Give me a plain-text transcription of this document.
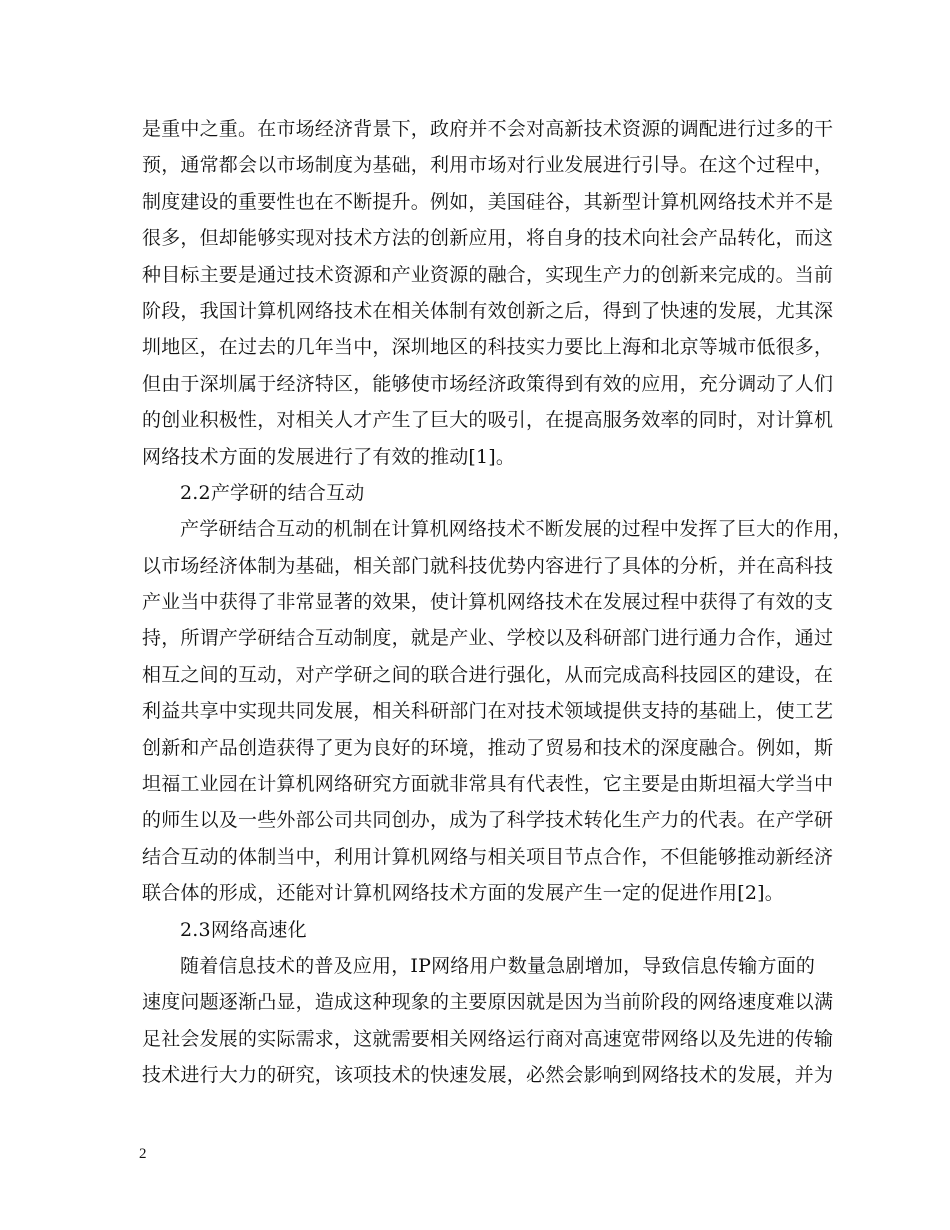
是重中之重。在市场经济背景下，政府并不会对高新技术资源的调配进行过多的干
预，通常都会以市场制度为基础，利用市场对行业发展进行引导。在这个过程中，
制度建设的重要性也在不断提升。例如，美国硅谷，其新型计算机网络技术并不是
很多，但却能够实现对技术方法的创新应用，将自身的技术向社会产品转化，而这
种目标主要是通过技术资源和产业资源的融合，实现生产力的创新来完成的。当前
阶段，我国计算机网络技术在相关体制有效创新之后，得到了快速的发展，尤其深
圳地区，在过去的几年当中，深圳地区的科技实力要比上海和北京等城市低很多，
但由于深圳属于经济特区，能够使市场经济政策得到有效的应用，充分调动了人们
的创业积极性，对相关人才产生了巨大的吸引，在提高服务效率的同时，对计算机
网络技术方面的发展进行了有效的推动[1]。
2.2产学研的结合互动
产学研结合互动的机制在计算机网络技术不断发展的过程中发挥了巨大的作用，
以市场经济体制为基础，相关部门就科技优势内容进行了具体的分析，并在高科技
产业当中获得了非常显著的效果，使计算机网络技术在发展过程中获得了有效的支
持，所谓产学研结合互动制度，就是产业、学校以及科研部门进行通力合作，通过
相互之间的互动，对产学研之间的联合进行强化，从而完成高科技园区的建设，在
利益共享中实现共同发展，相关科研部门在对技术领域提供支持的基础上，使工艺
创新和产品创造获得了更为良好的环境，推动了贸易和技术的深度融合。例如，斯
坦福工业园在计算机网络研究方面就非常具有代表性，它主要是由斯坦福大学当中
的师生以及一些外部公司共同创办，成为了科学技术转化生产力的代表。在产学研
结合互动的体制当中，利用计算机网络与相关项目节点合作，不但能够推动新经济
联合体的形成，还能对计算机网络技术方面的发展产生一定的促进作用[2]。
2.3网络高速化
随着信息技术的普及应用，IP网络用户数量急剧增加，导致信息传输方面的
速度问题逐渐凸显，造成这种现象的主要原因就是因为当前阶段的网络速度难以满
足社会发展的实际需求，这就需要相关网络运行商对高速宽带网络以及先进的传输
技术进行大力的研究，该项技术的快速发展，必然会影响到网络技术的发展，并为
2
